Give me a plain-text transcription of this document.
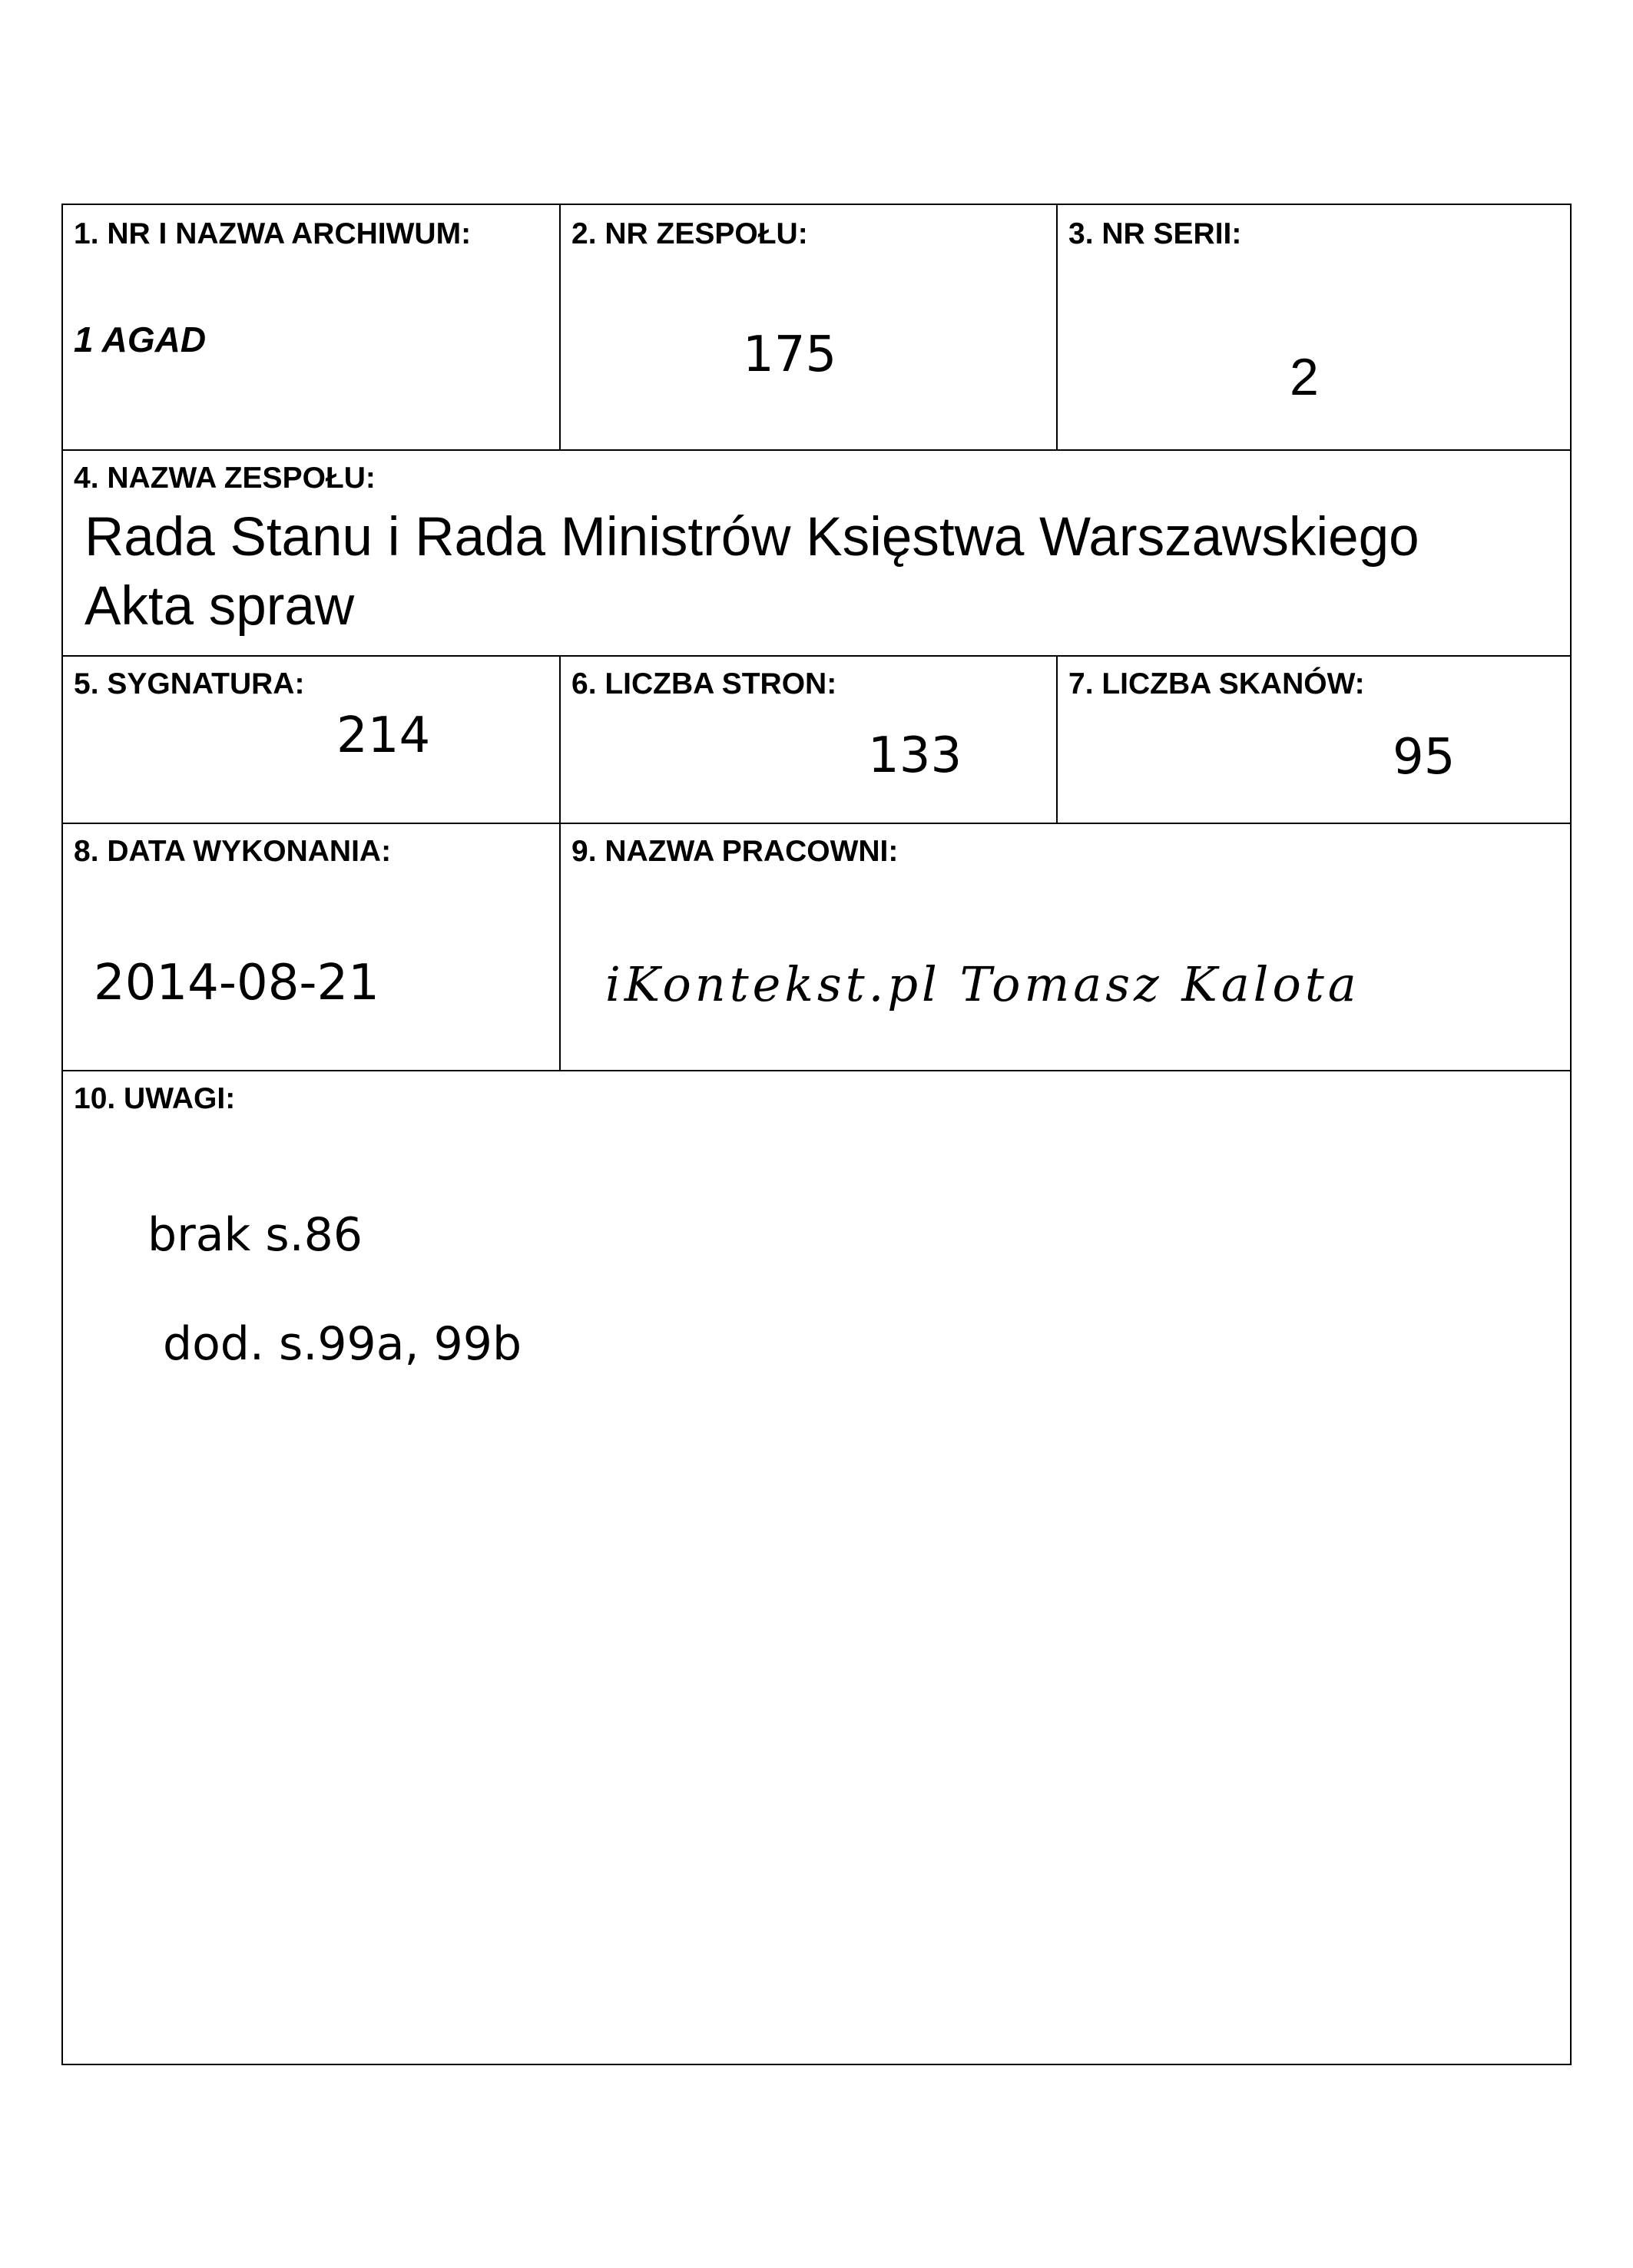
1. NR I NAZWA ARCHIWUM:
1 AGAD
2. NR ZESPOŁU:
175
3. NR SERII:
2
4. NAZWA ZESPOŁU:
Rada Stanu i Rada Ministrów Księstwa Warszawskiego
Akta spraw
5. SYGNATURA:
214
6. LICZBA STRON:
133
7. LICZBA SKANÓW:
95
8. DATA WYKONANIA:
2014-08-21
9. NAZWA PRACOWNI:
iKontekst.pl Tomasz Kalota
10. UWAGI:
brak s.86
dod. s.99a, 99b
